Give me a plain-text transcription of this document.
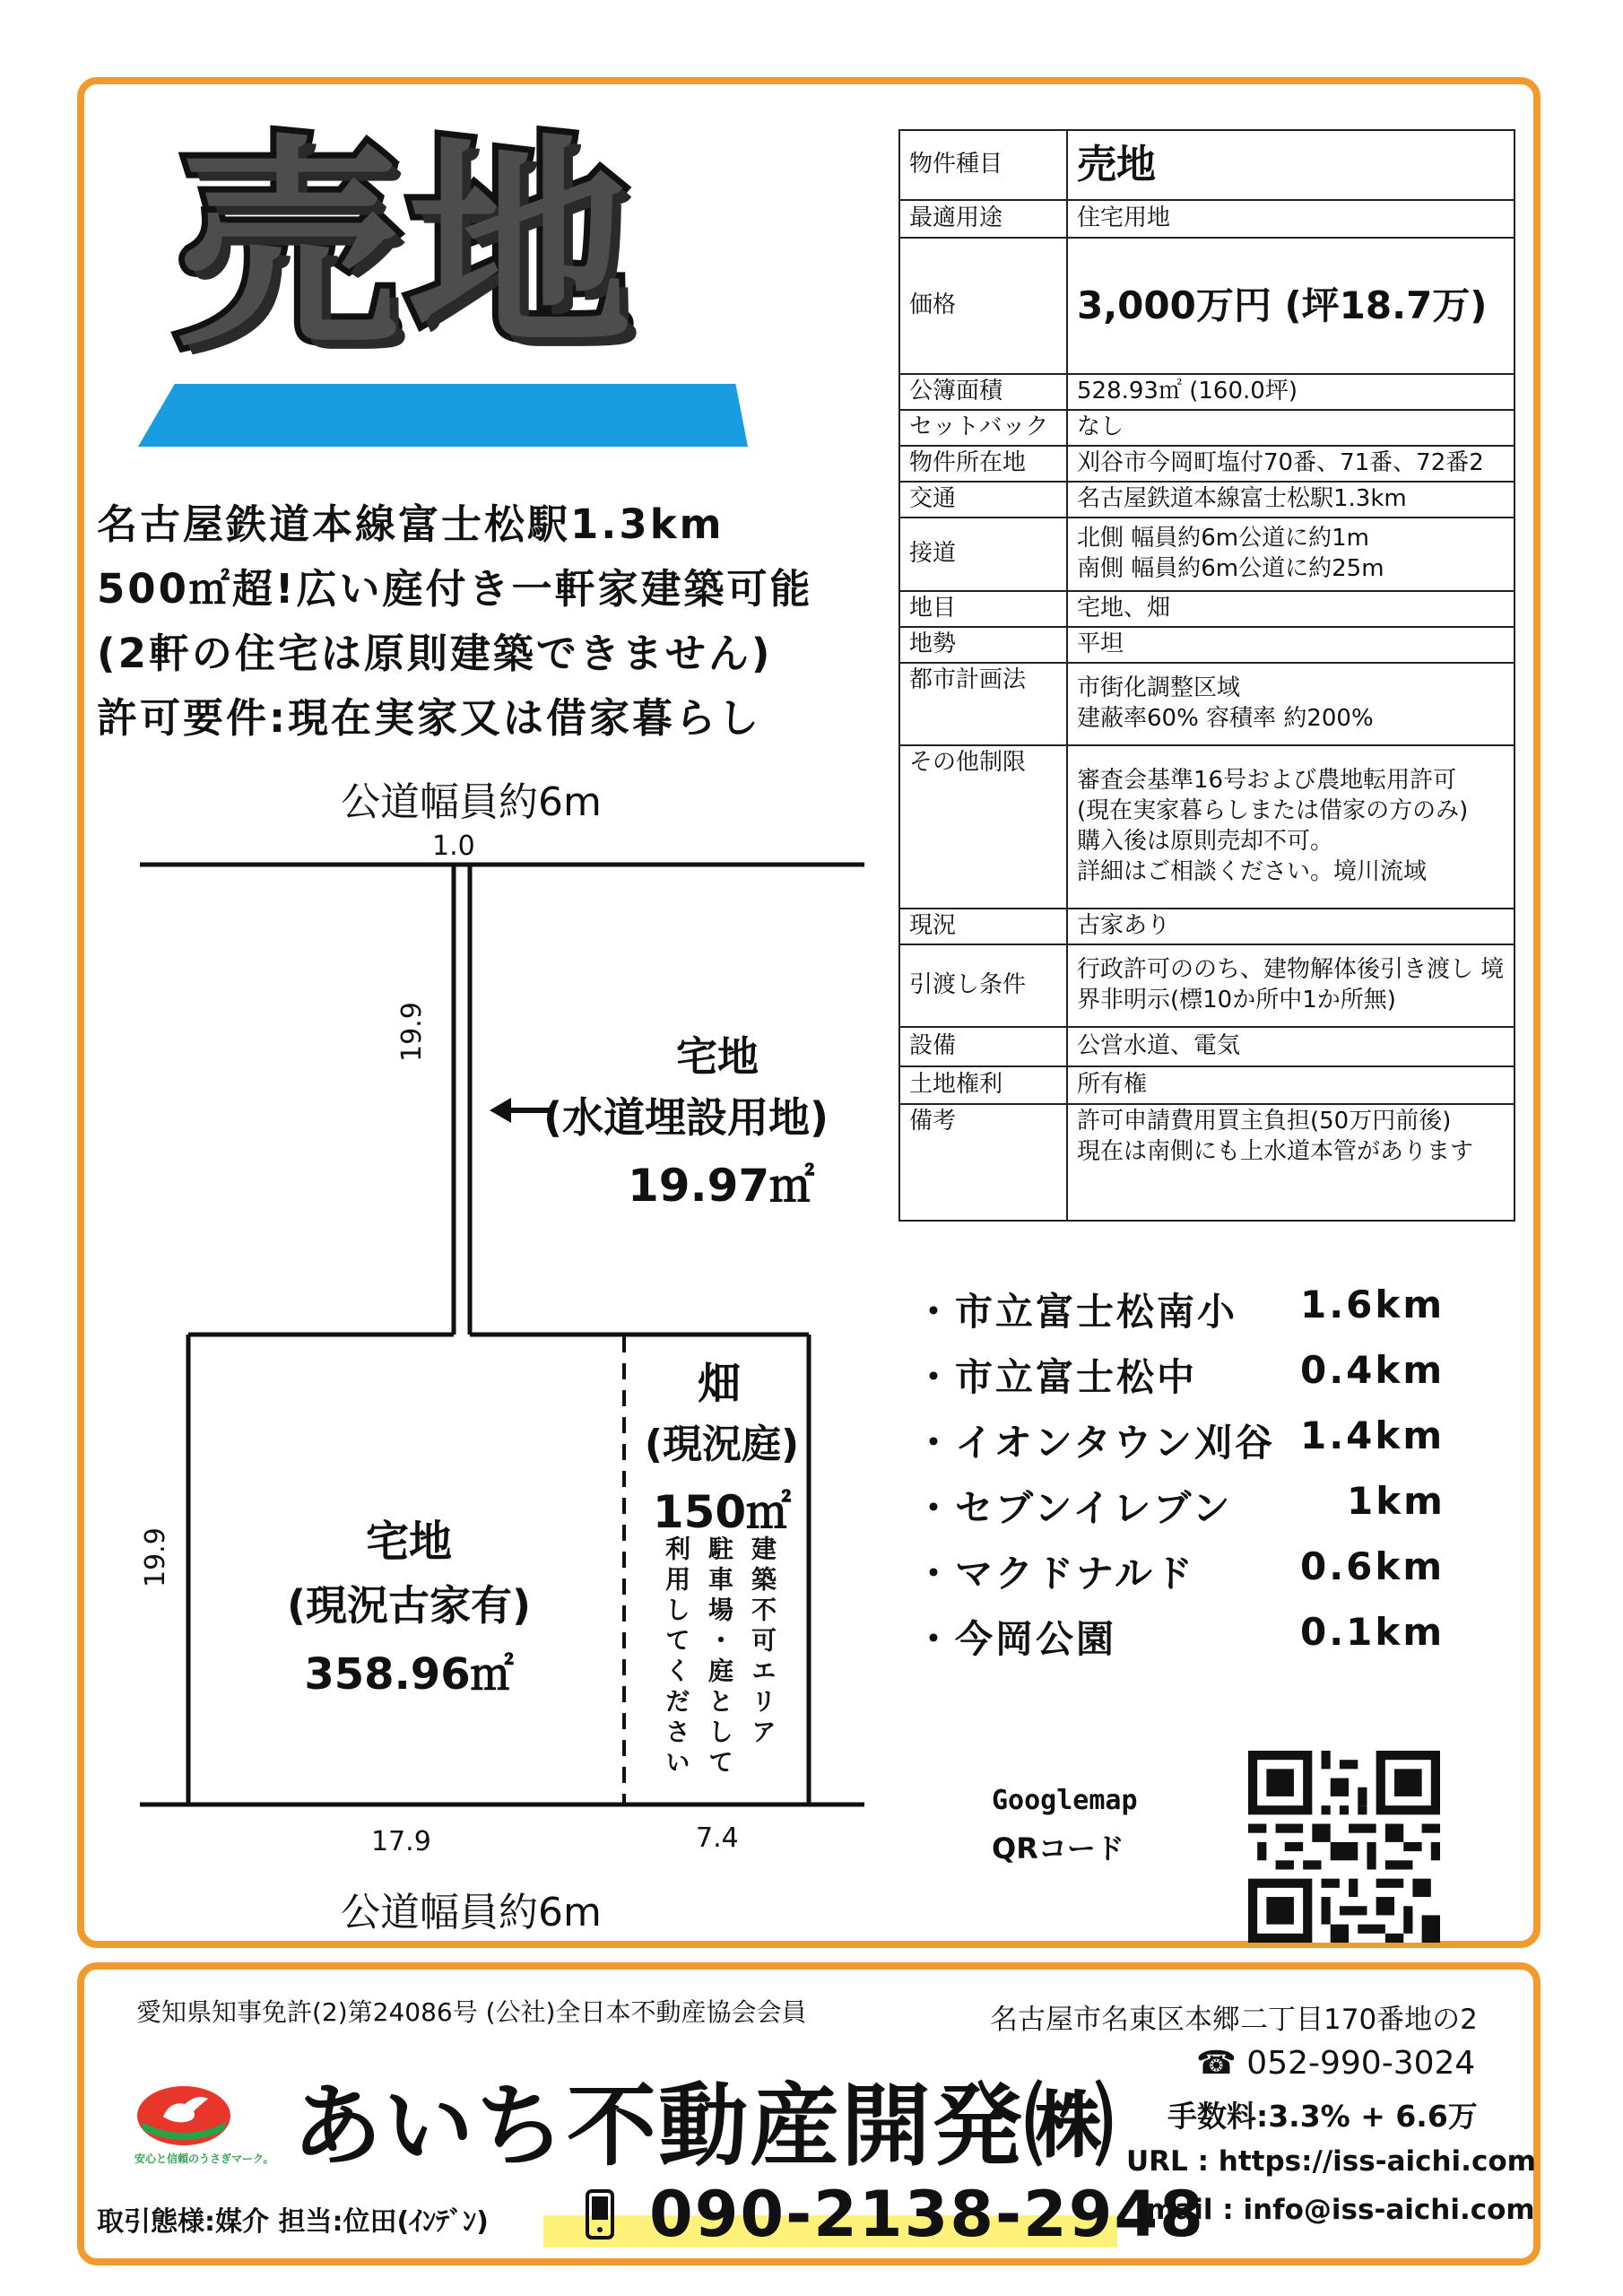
売地
名古屋鉄道本線富士松駅1.3km
500㎡超!広い庭付き一軒家建築可能
(2軒の住宅は原則建築できません)
許可要件:現在実家又は借家暮らし
物件種目	売地
最適用途	住宅用地
価格	3,000万円 (坪18.7万)
公簿面積	528.93㎡ (160.0坪)
セットバック	なし
物件所在地	刈谷市今岡町塩付70番、71番、72番2
交通	名古屋鉄道本線富士松駅1.3km
接道	北側 幅員約6m公道に約1m
南側 幅員約6m公道に約25m

地目	宅地、畑
地勢	平坦
都市計画法	市街化調整区域
建蔽率60% 容積率 約200%

その他制限	審査会基準16号および農地転用許可
(現在実家暮らしまたは借家の方のみ)
購入後は原則売却不可。
詳細はご相談ください。境川流域

現況	古家あり
引渡し条件	行政許可ののち、建物解体後引き渡し 境
界非明示(標10か所中1か所無)

設備	公営水道、電気
土地権利	所有権
備考	許可申請費用買主負担(50万円前後)
現在は南側にも上水道本管があります
・市立富士松南小 1.6km
・市立富士松中	0.4km
・イオンタウン刈谷 1.4km
・セブンイレブン	1km
・マクドナルド	0.6km
・今岡公園	0.1km
公道幅員約6m
1.0
19.9
19.9
宅地
(水道埋設用地)
19.97㎡
宅地
(現況古家有)
358.96㎡
畑
(現況庭)
150㎡
建築不可エリア
駐車場・庭として
利用してください
17.9	7.4
公道幅員約6m
Googlemap
QRコード
愛知県知事免許(2)第24086号 (公社)全日本不動産協会会員	名古屋市名東区本郷二丁目170番地の2
安心と信頼のうさぎマーク。 あいち不動産開発㈱
☎ 052-990-3024
手数料:3.3% + 6.6万
URL : https://iss-aichi.com
mail : info@iss-aichi.com
取引態様:媒介 担当:位田(ｲﾝﾃﾞﾝ)	090-2138-2948
